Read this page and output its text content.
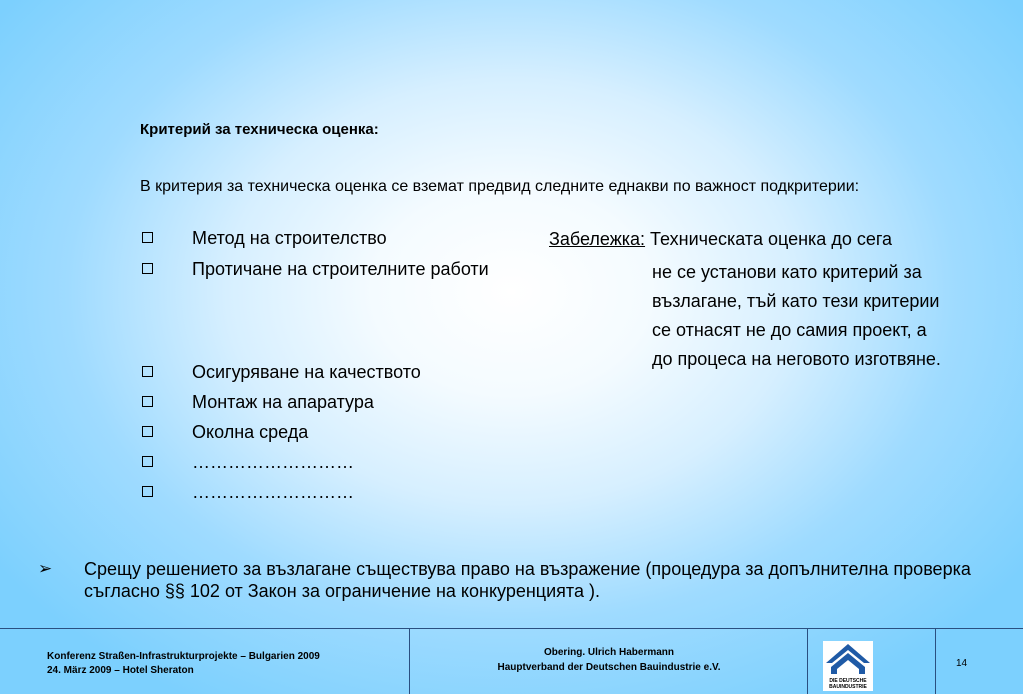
Критерий за техническа оценка:
В критерия за техническа оценка се вземат предвид следните еднакви по важност подкритерии:
Метод на строителство
Протичане на строителните работи
Осигуряване на качеството
Монтаж на апаратура
Околна среда
………………………
………………………
Забележка: Техническата оценка до сега
не се установи като критерий за
възлагане, тъй като тези критерии
се отнасят не до самия проект, а
до процеса на неговото изготвяне.
➢ Срещу решението за възлагане съществува право на възражение (процедура за допълнителна проверка съгласно §§ 102 от Закон за ограничение на конкуренцията ).
Konferenz Straßen-Infrastrukturprojekte – Bulgarien 2009
24. März 2009 – Hotel Sheraton
Obering. Ulrich Habermann
Hauptverband der Deutschen Bauindustrie e.V.
DIE DEUTSCHE
BAUINDUSTRIE
14
